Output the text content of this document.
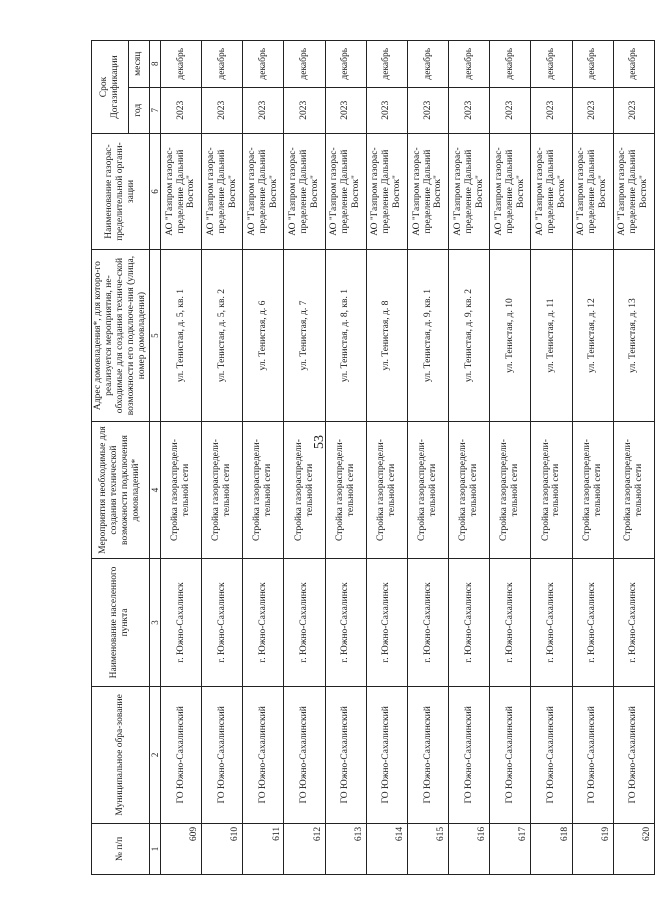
53
№ п/п	Муниципальное обра-зование	Наименование населенного пункта	Мероприятия необходимые для создания технической возможности подключения домовладений*	Адрес домовладения*, для которо-го реализуется мероприятия, не-обходимые для создания техниче-ской возможности его подключе-ния (улица, номер домовладения)	Наименование газорас-пределительной органи-зации	Срок Догазификации	
						год	месяц
1	2	3	4	5	6	7	8
609	ГО Южно-Сахалинский	г. Южно-Сахалинск	Стройка газораспредели-тельной сети	ул. Тенистая, д. 5, кв. 1	АО "Газпром газорас-пределение Дальний Восток"	2023	декабрь
610	ГО Южно-Сахалинский	г. Южно-Сахалинск	Стройка газораспредели-тельной сети	ул. Тенистая, д. 5, кв. 2	АО "Газпром газорас-пределение Дальний Восток"	2023	декабрь
611	ГО Южно-Сахалинский	г. Южно-Сахалинск	Стройка газораспредели-тельной сети	ул. Тенистая, д. 6	АО "Газпром газорас-пределение Дальний Восток"	2023	декабрь
612	ГО Южно-Сахалинский	г. Южно-Сахалинск	Стройка газораспредели-тельной сети	ул. Тенистая, д. 7	АО "Газпром газорас-пределение Дальний Восток"	2023	декабрь
613	ГО Южно-Сахалинский	г. Южно-Сахалинск	Стройка газораспредели-тельной сети	ул. Тенистая, д. 8, кв. 1	АО "Газпром газорас-пределение Дальний Восток"	2023	декабрь
614	ГО Южно-Сахалинский	г. Южно-Сахалинск	Стройка газораспредели-тельной сети	ул. Тенистая, д. 8	АО "Газпром газорас-пределение Дальний Восток"	2023	декабрь
615	ГО Южно-Сахалинский	г. Южно-Сахалинск	Стройка газораспредели-тельной сети	ул. Тенистая, д. 9, кв. 1	АО "Газпром газорас-пределение Дальний Восток"	2023	декабрь
616	ГО Южно-Сахалинский	г. Южно-Сахалинск	Стройка газораспредели-тельной сети	ул. Тенистая, д. 9, кв. 2	АО "Газпром газорас-пределение Дальний Восток"	2023	декабрь
617	ГО Южно-Сахалинский	г. Южно-Сахалинск	Стройка газораспредели-тельной сети	ул. Тенистая, д. 10	АО "Газпром газорас-пределение Дальний Восток"	2023	декабрь
618	ГО Южно-Сахалинский	г. Южно-Сахалинск	Стройка газораспредели-тельной сети	ул. Тенистая, д. 11	АО "Газпром газорас-пределение Дальний Восток"	2023	декабрь
619	ГО Южно-Сахалинский	г. Южно-Сахалинск	Стройка газораспредели-тельной сети	ул. Тенистая, д. 12	АО "Газпром газорас-пределение Дальний Восток"	2023	декабрь
620	ГО Южно-Сахалинский	г. Южно-Сахалинск	Стройка газораспредели-тельной сети	ул. Тенистая, д. 13	АО "Газпром газорас-пределение Дальний Восток"	2023	декабрь
